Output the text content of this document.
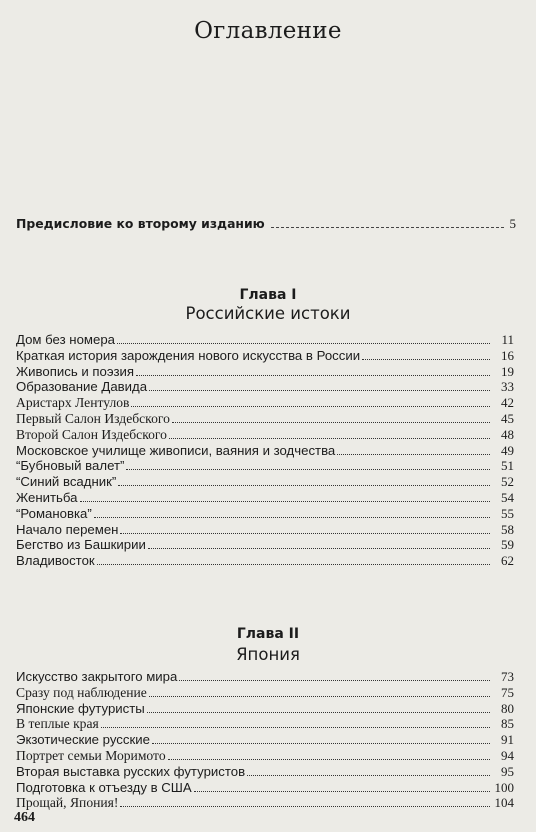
Оглавление
Предисловие ко второму изданию	5
Глава I
Российские истоки
Дом без номера	11
Краткая история зарождения нового искусства в России	16
Живопись и поэзия	19
Образование Давида	33
Аристарх Лентулов	42
Первый Салон Издебского	45
Второй Салон Издебского	48
Московское училище живописи, ваяния и зодчества	49
“Бубновый валет”	51
“Синий всадник”	52
Женитьба	54
“Романовка”	55
Начало перемен	58
Бегство из Башкирии	59
Владивосток	62
Глава II
Япония
Искусство закрытого мира	73
Сразу под наблюдение	75
Японские футуристы	80
В теплые края	85
Экзотические русские	91
Портрет семьи Моримото	94
Вторая выставка русских футуристов	95
Подготовка к отъезду в США	100
Прощай, Япония!	104
464
